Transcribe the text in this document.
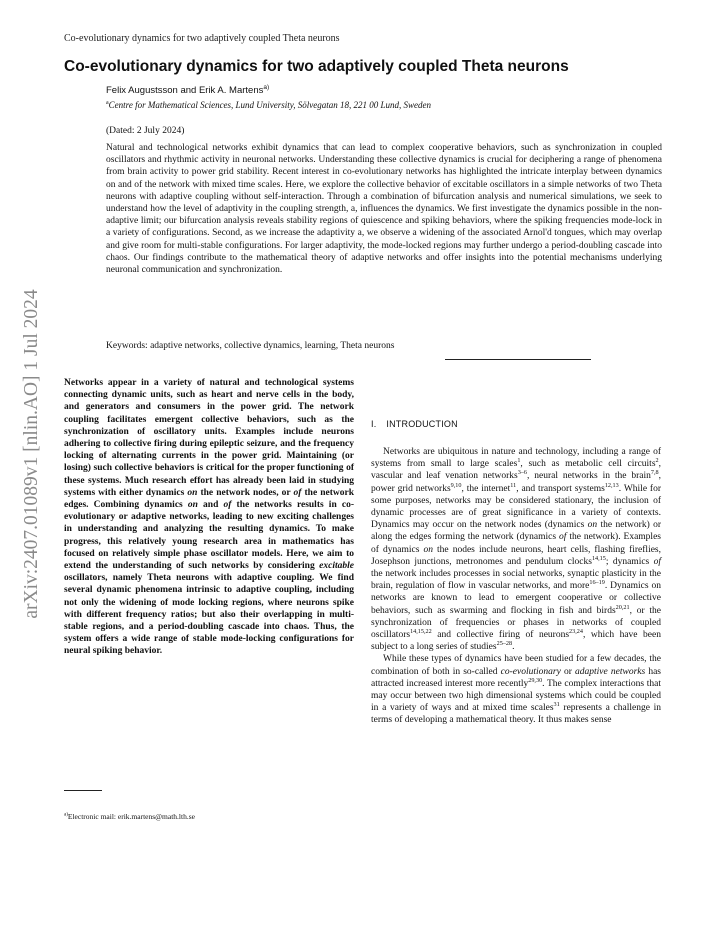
Co-evolutionary dynamics for two adaptively coupled Theta neurons
Co-evolutionary dynamics for two adaptively coupled Theta neurons
Felix Augustsson and Erik A. Martens$^{a)}$
$^a$Centre for Mathematical Sciences, Lund University, Sölvegatan 18, 221 00 Lund, Sweden
(Dated: 2 July 2024)

Natural and technological networks exhibit dynamics that can lead to complex cooperative behaviors, such as synchronization in coupled oscillators and rhythmic activity in neuronal networks. Understanding these collective dynamics is crucial for deciphering a range of phenomena from brain activity to power grid stability. Recent interest in co-evolutionary networks has highlighted the intricate interplay between dynamics on and of the network with mixed time scales. Here, we explore the collective behavior of excitable oscillators in a simple networks of two Theta neurons with adaptive coupling without self-interaction. Through a combination of bifurcation analysis and numerical simulations, we seek to understand how the level of adaptivity in the coupling strength, a, influences the dynamics. We first investigate the dynamics possible in the non-adaptive limit; our bifurcation analysis reveals stability regions of quiescence and spiking behaviors, where the spiking frequencies mode-lock in a variety of configurations. Second, as we increase the adaptivity a, we observe a widening of the associated Arnol'd tongues, which may overlap and give room for multi-stable configurations. For larger adaptivity, the mode-locked regions may further undergo a period-doubling cascade into chaos. Our findings contribute to the mathematical theory of adaptive networks and offer insights into the potential mechanisms underlying neuronal communication and synchronization.

Keywords: adaptive networks, collective dynamics, learning, Theta neurons
arXiv:2407.01089v1 [nlin.AO] 1 Jul 2024 Networks appear in a variety of natural and technological systems connecting dynamic units, such as heart and nerve cells in the body, and generators and consumers in the power grid. The network coupling facilitates emergent collective behaviors, such as the synchronization of oscillatory units. Examples include neurons adhering to collective firing during epileptic seizure, and the frequency locking of alternating currents in the power grid. Maintaining (or losing) such collective behaviors is critical for the proper functioning of these systems. Much research effort has already been laid in studying systems with either dynamics on the network nodes, or of the network edges. Combining dynamics on and of the networks results in co-evolutionary or adaptive networks, leading to new exciting challenges in understanding and analyzing the resulting dynamics. To make progress, this relatively young research area in mathematics has focused on relatively simple phase oscillator models. Here, we aim to extend the understanding of such networks by considering excitable oscillators, namely Theta neurons with adaptive coupling. We find several dynamic phenomena intrinsic to adaptive coupling, including not only the widening of mode locking regions, where neurons spike with different frequency ratios; but also their overlapping in multi-stable regions, and a period-doubling cascade into chaos. Thus, the system offers a wide range of stable mode-locking configurations for neural spiking behavior.

$^{a)}$Electronic mail: erik.martens@math.lth.se
I. INTRODUCTION

Networks are ubiquitous in nature and technology, including a range of systems from small to large scales$^1$, such as metabolic cell circuits$^2$, vascular and leaf venation networks$^{3-6}$, neural networks in the brain$^{7,8}$, power grid networks$^{9,10}$, the internet$^{11}$, and transport systems$^{12,13}$. While for some purposes, networks may be considered stationary, the inclusion of dynamic processes are of great significance in a variety of contexts. Dynamics may occur on the network nodes (dynamics on the network) or along the edges forming the network (dynamics of the network). Examples of dynamics on the nodes include neurons, heart cells, flashing fireflies, Josephson junctions, metronomes and pendulum clocks$^{14,15}$; dynamics of the network includes processes in social networks, synaptic plasticity in the brain, regulation of flow in vascular networks, and more$^{16-19}$. Dynamics on networks are known to lead to emergent cooperative or collective behaviors, such as swarming and flocking in fish and birds$^{20,21}$, or the synchronization of frequencies or phases in networks of coupled oscillators$^{14,15,22}$ and collective firing of neurons$^{23,24}$, which have been subject to a long series of studies$^{25-28}$.

While these types of dynamics have been studied for a few decades, the combination of both in so-called co-evolutionary or adaptive networks has attracted increased interest more recently$^{29,30}$. The complex interactions that may occur between two high dimensional systems which could be coupled in a variety of ways and at mixed time scales$^{31}$ represents a challenge in terms of developing a mathematical theory. It thus makes sense
